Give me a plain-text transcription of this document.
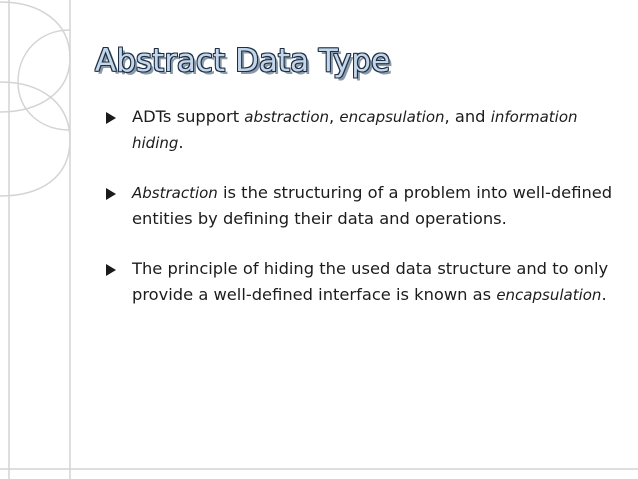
Abstract Data Type
ADTs support abstraction, encapsulation, and information hiding.
Abstraction is the structuring of a problem into well-defined entities by defining their data and operations.
The principle of hiding the used data structure and to only provide a well-defined interface is known as encapsulation.
